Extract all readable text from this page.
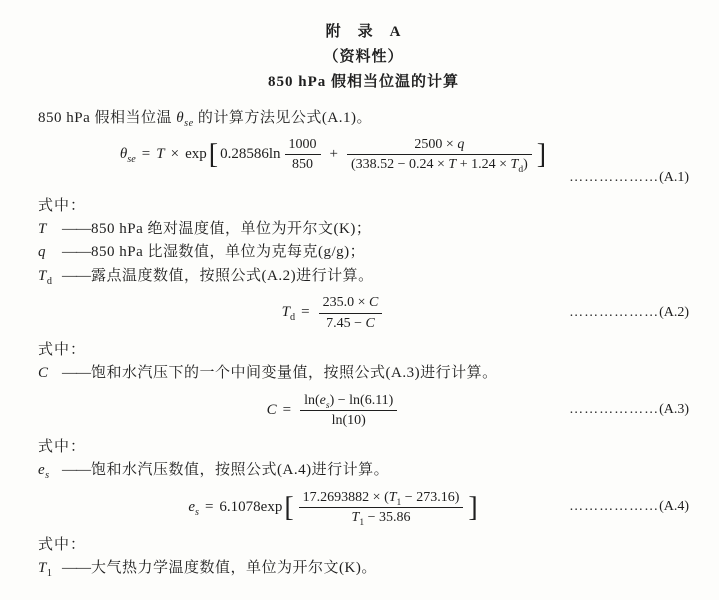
附　录　A
（资料性）
850 hPa 假相当位温的计算

850 hPa 假相当位温 $\theta_{se}$ 的计算方法见公式(A.1)。

$\theta_{se} = T \times \exp$ [ $0.28586\ln \frac{1000}{850} + \frac{2500 \times q}{(338.52 - 0.24 \times T + 1.24 \times T_d)}$ ]
………………(A.1)
式中：
T ——850 hPa 绝对温度值，单位为开尔文(K)；
q ——850 hPa 比湿数值，单位为克每克(g/g)；
$T_d$ ——露点温度数值，按照公式(A.2)进行计算。
$T_d = \frac{235.0 \times C}{7.45 - C}$	………………(A.2)
式中：
C ——饱和水汽压下的一个中间变量值，按照公式(A.3)进行计算。
$C = \frac{\ln(e_s) - \ln(6.11)}{\ln(10)}$	………………(A.3)
式中：
$e_s$ ——饱和水汽压数值，按照公式(A.4)进行计算。
$e_s = 6.1078\exp$ [ $\frac{17.2693882 \times (T_1 - 273.16)}{T_1 - 35.86}$ ]	………………(A.4)
式中：
$T_1$ ——大气热力学温度数值，单位为开尔文(K)。
